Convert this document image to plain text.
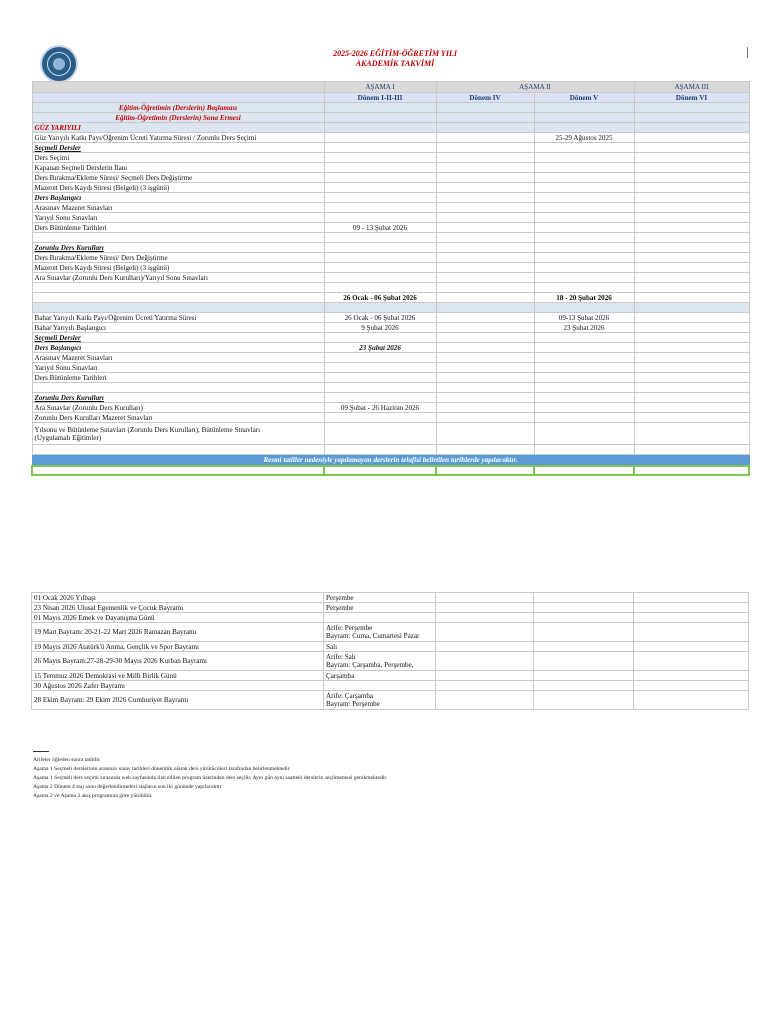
2025-2026 EĞİTİM-ÖĞRETİM YILI
AKADEMİK TAKVİMİ
	AŞAMA I	AŞAMA II		AŞAMA III
	Dönem I-II-III	Dönem IV	Dönem V	Dönem VI
Eğitim-Öğretimin (Derslerin) Başlaması				
Eğitim-Öğretimin (Derslerin) Sona Ermesi				
GÜZ YARIYILI				
Güz Yarıyılı Katkı Payı/Öğrenim Ücreti Yatırma Süresi / Zorunlu Ders Seçimi			25-29 Ağustos 2025	
Seçmeli Dersler				
Ders Seçimi				
Kapanan Seçmeli Derslerin İlanı				
Ders Bırakma/Ekleme Süresi/ Seçmeli Ders Değiştirme				
Mazeret Ders Kaydı Süresi (Belgeli) (3 işgünü)				
Ders Başlangıcı				
Arasınav Mazeret Sınavları				
Yarıyıl Sonu Sınavları				
Ders Bütünleme Tarihleri	09 - 13 Şubat 2026			

Zorunlu Ders Kurulları				
Ders Bırakma/Ekleme Süresi/ Ders Değiştirme				
Mazeret Ders Kaydı Süresi (Belgeli) (3 işgünü)				
Ara Sınavlar (Zorunlu Ders Kurulları)/Yarıyıl Sonu Sınavları				

	26 Ocak - 06 Şubat 2026		18 - 20 Şubat 2026	

Bahar Yarıyılı Katkı Payı/Öğrenim Ücreti Yatırma Süresi	26 Ocak - 06 Şubat 2026		09-13 Şubat 2026	
Bahar Yarıyılı Başlangıcı	9 Şubat 2026		23 Şubat 2026	
Seçmeli Dersler				
Ders Başlangıcı	23 Şubat 2026			
Arasınav Mazeret Sınavları				
Yarıyıl Sonu Sınavları				
Ders Bütünleme Tarihleri				

Zorunlu Ders Kurulları				
Ara Sınavlar (Zorunlu Ders Kurulları)	09 Şubat - 26 Haziran 2026			
Zorunlu Ders Kurulları Mazeret Sınavları				

Yılsonu ve Bütünleme Sınavları (Zorunlu Ders Kurulları), Bütünleme Sınavları
(Uygulamalı Eğitimler)				

Resmi tatiller nedeniyle yapılamayan derslerin telafisi belirtilen tarihlerde yapılacaktır.				

01 Ocak 2026 Yılbaşı	Perşembe			

23 Nisan 2026 Ulusal Egemenlik ve Çocuk Bayramı	Perşembe			

01 Mayıs 2026 Emek ve Dayanışma Günü	

19 Mart Bayram: 20-21-22 Mart 2026 Ramazan Bayramı	Arife: Perşembe
Bayram: Cuma, Cumartesi Pazar			

19 Mayıs 2026 Atatürk'ü Anma, Gençlik ve Spor Bayramı	Salı			

26 Mayıs Bayram:27-28-29-30 Mayıs 2026 Kurban Bayramı	Arife: Salı
Bayram: Çarşamba, Perşembe,			

15 Temmuz 2026 Demokrasi ve Milli Birlik Günü	Çarşamba			

30 Ağustos 2026 Zafer Bayramı	

28 Ekim Bayram: 29 Ekim 2026 Cumhuriyet Bayramı	Arife: Çarşamba
Bayram: Perşembe			

Arifeler öğleden sonra tatildir.
Aşama 1 Seçmeli derslerinin arasınav sınav tarihleri dönemlik olarak ders yürütücüleri tarafından belirlenmektedir.
Aşama 1 Seçmeli ders seçimi sırasında web sayfasında ilan edilen program üzerinden ders seçilir. Aynı gün aynı saatteki derslerin seçilmemesi gerekmektedir.
Aşama 2 Dönem 4 staj sonu değerlendirmeleri stajların son iki gününde yapılacaktır
Aşama 2 ve Aşama 3 akış programına göre yürütülür.
